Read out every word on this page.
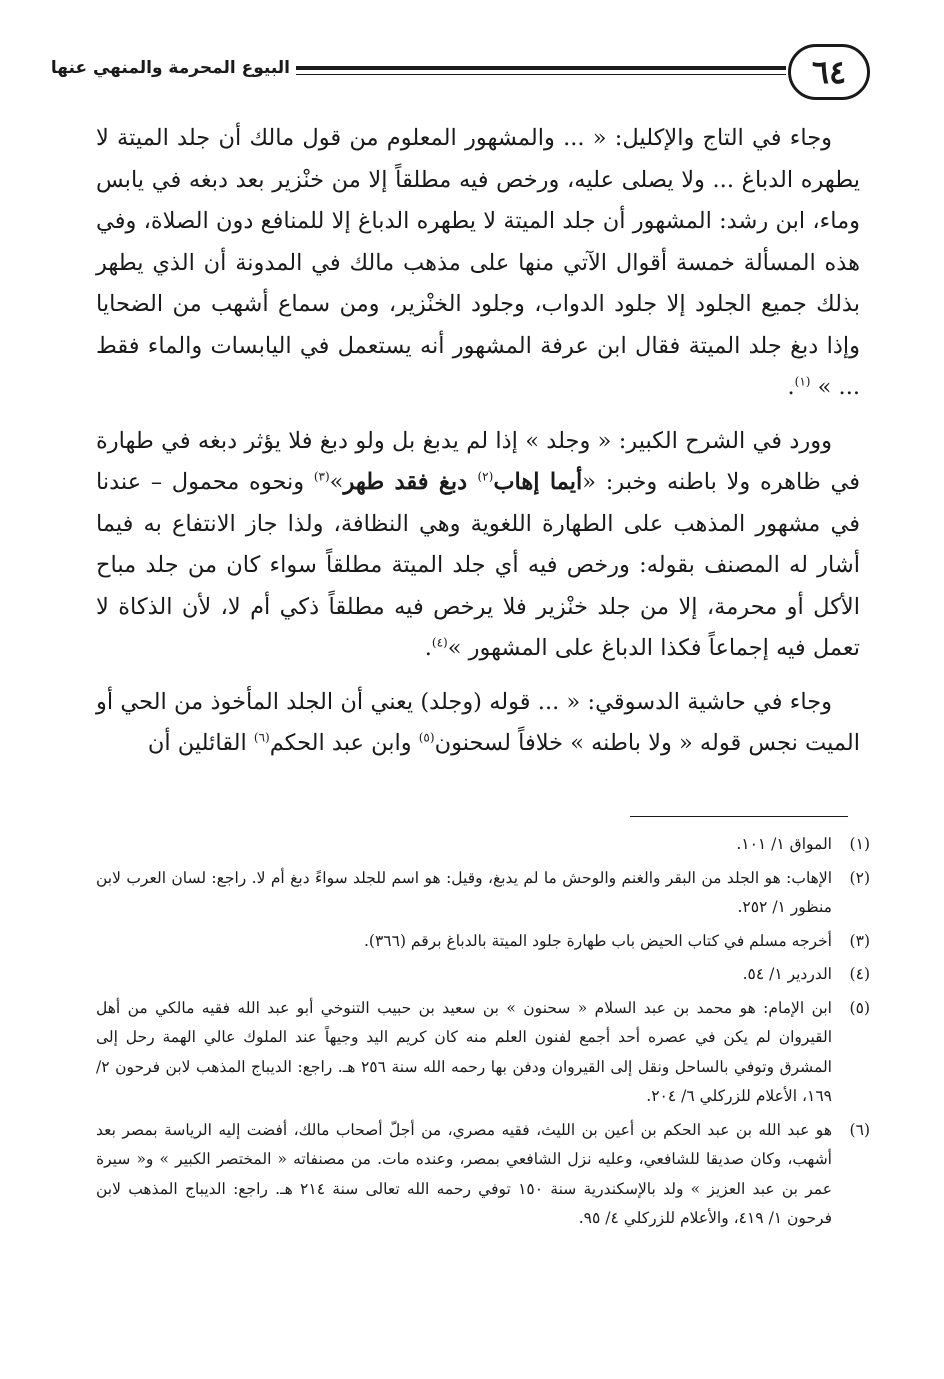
٦٤
البيوع المحرمة والمنهي عنها

وجاء في التاج والإكليل: « ... والمشهور المعلوم من قول مالك أن جلد الميتة لا يطهره الدباغ ... ولا يصلى عليه، ورخص فيه مطلقاً إلا من خنْزير بعد دبغه في يابس وماء، ابن رشد: المشهور أن جلد الميتة لا يطهره الدباغ إلا للمنافع دون الصلاة، وفي هذه المسألة خمسة أقوال الآتي منها على مذهب مالك في المدونة أن الذي يطهر بذلك جميع الجلود إلا جلود الدواب، وجلود الخنْزير، ومن سماع أشهب من الضحايا وإذا دبغ جلد الميتة فقال ابن عرفة المشهور أنه يستعمل في اليابسات والماء فقط ... » $^{(١)}$.

وورد في الشرح الكبير: « وجلد » إذا لم يدبغ بل ولو دبغ فلا يؤثر دبغه في طهارة في ظاهره ولا باطنه وخبر: «أيما إهاب$^{(٢)}$ دبغ فقد طهر»$^{(٣)}$ ونحوه محمول – عندنا في مشهور المذهب على الطهارة اللغوية وهي النظافة، ولذا جاز الانتفاع به فيما أشار له المصنف بقوله: ورخص فيه أي جلد الميتة مطلقاً سواء كان من جلد مباح الأكل أو محرمة، إلا من جلد خنْزير فلا يرخص فيه مطلقاً ذكي أم لا، لأن الذكاة لا تعمل فيه إجماعاً فكذا الدباغ على المشهور »$^{(٤)}$.

وجاء في حاشية الدسوقي: « ... قوله (وجلد) يعني أن الجلد المأخوذ من الحي أو الميت نجس قوله « ولا باطنه » خلافاً لسحنون$^{(٥)}$ وابن عبد الحكم$^{(٦)}$ القائلين أن

(١)
المواق ١/ ١٠١.
(٢)
الإهاب: هو الجلد من البقر والغنم والوحش ما لم يدبغ، وقيل: هو اسم للجلد سواءً دبغ أم لا. راجع: لسان العرب لابن منظور ١/ ٢٥٢.
(٣)
أخرجه مسلم في كتاب الحيض باب طهارة جلود الميتة بالدباغ برقم (٣٦٦).
(٤)
الدردير ١/ ٥٤.
(٥)
ابن الإمام: هو محمد بن عبد السلام « سحنون » بن سعيد بن حبيب التنوخي أبو عبد الله فقيه مالكي من أهل القيروان لم يكن في عصره أحد أجمع لفنون العلم منه كان كريم اليد وجيهاً عند الملوك عالي الهمة رحل إلى المشرق وتوفي بالساحل ونقل إلى القيروان ودفن بها رحمه الله سنة ٢٥٦ هـ. راجع: الديباج المذهب لابن فرحون ٢/ ١٦٩، الأعلام للزركلي ٦/ ٢٠٤.
(٦)
هو عبد الله بن عبد الحكم بن أعين بن الليث، فقيه مصري، من أجلّ أصحاب مالك، أفضت إليه الرياسة بمصر بعد أشهب، وكان صديقا للشافعي، وعليه نزل الشافعي بمصر، وعنده مات. من مصنفاته « المختصر الكبير » و« سيرة عمر بن عبد العزيز » ولد بالإسكندرية سنة ١٥٠ توفي رحمه الله تعالى سنة ٢١٤ هـ. راجع: الديباج المذهب لابن فرحون ١/ ٤١٩، والأعلام للزركلي ٤/ ٩٥.
